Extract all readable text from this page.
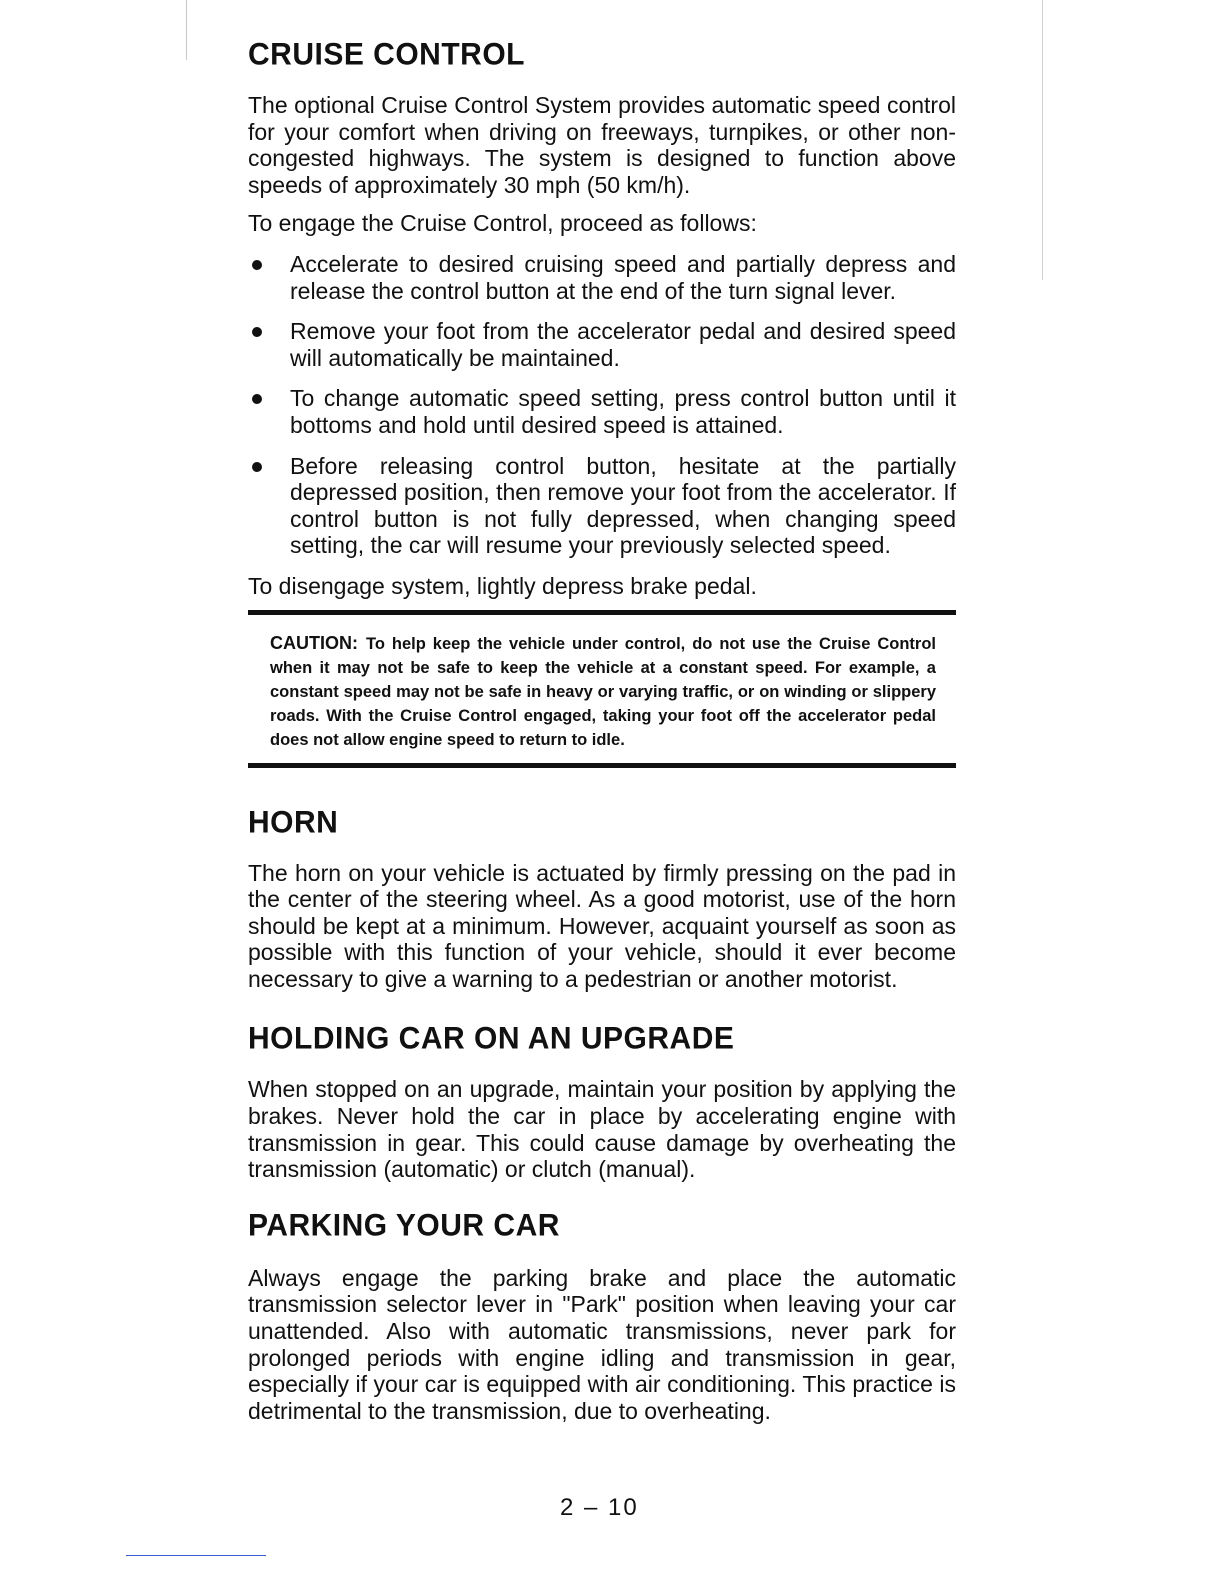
CRUISE CONTROL

The optional Cruise Control System provides automatic speed control for your comfort when driving on freeways, turnpikes, or other non-congested highways. The system is designed to function above speeds of approximately 30 mph (50 km/h).

To engage the Cruise Control, proceed as follows:

Accelerate to desired cruising speed and partially depress and release the control button at the end of the turn signal lever.
Remove your foot from the accelerator pedal and desired speed will automatically be maintained.
To change automatic speed setting, press control button until it bottoms and hold until desired speed is attained.
Before releasing control button, hesitate at the partially depressed position, then remove your foot from the accelerator. If control button is not fully depressed, when changing speed setting, the car will resume your previously selected speed.

To disengage system, lightly depress brake pedal.

CAUTION: To help keep the vehicle under control, do not use the Cruise Control when it may not be safe to keep the vehicle at a constant speed. For example, a constant speed may not be safe in heavy or varying traffic, or on winding or slippery roads. With the Cruise Control engaged, taking your foot off the accelerator pedal does not allow engine speed to return to idle.
HORN

The horn on your vehicle is actuated by firmly pressing on the pad in the center of the steering wheel. As a good motorist, use of the horn should be kept at a minimum. However, acquaint yourself as soon as possible with this function of your vehicle, should it ever become necessary to give a warning to a pedestrian or another motorist.

HOLDING CAR ON AN UPGRADE

When stopped on an upgrade, maintain your position by applying the brakes. Never hold the car in place by accelerating engine with transmission in gear. This could cause damage by overheating the transmission (automatic) or clutch (manual).

PARKING YOUR CAR

Always engage the parking brake and place the automatic transmission selector lever in "Park" position when leaving your car unattended. Also with automatic transmissions, never park for prolonged periods with engine idling and transmission in gear, especially if your car is equipped with air conditioning. This practice is detrimental to the transmission, due to overheating.

2 – 10
